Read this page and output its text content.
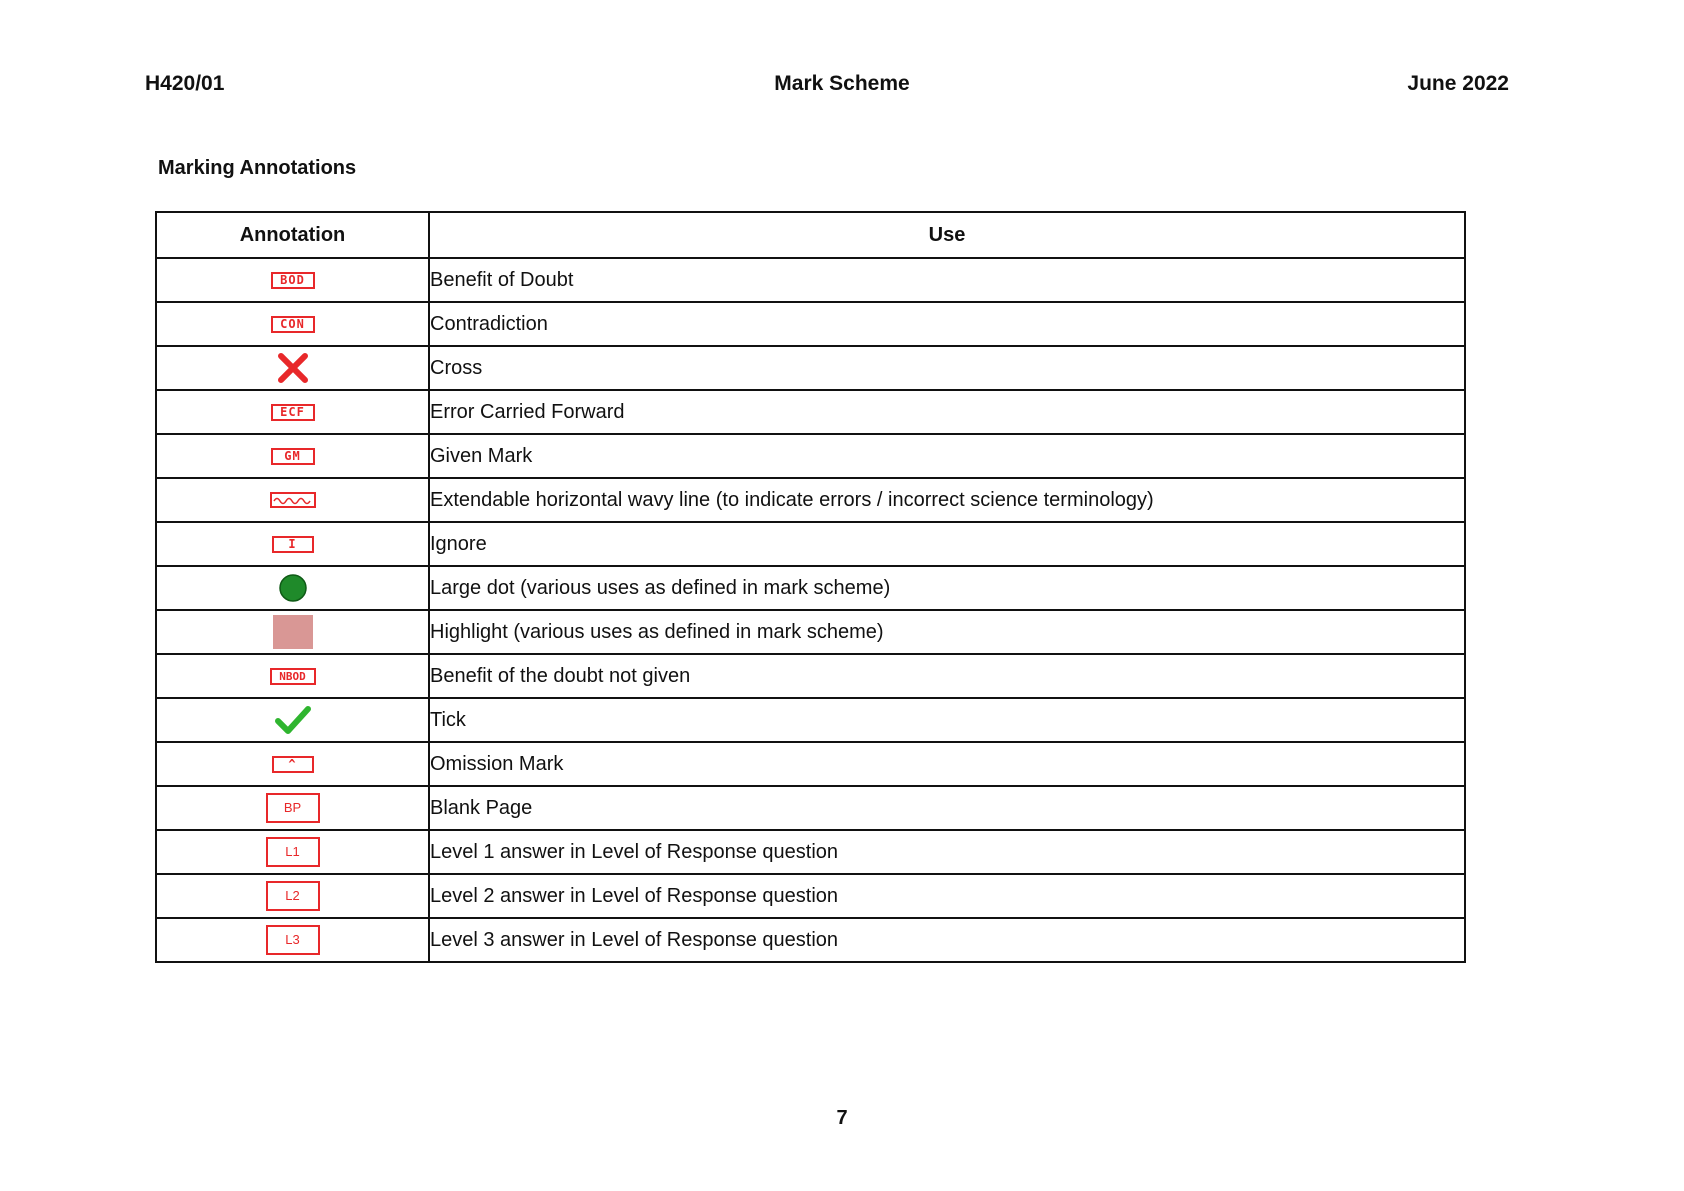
H420/01	Mark Scheme	June 2022
Marking Annotations
Annotation	Use
BOD	Benefit of Doubt
CON	Contradiction
	Cross
ECF	Error Carried Forward
GM	Given Mark
	Extendable horizontal wavy line (to indicate errors / incorrect science terminology)
I	Ignore
	Large dot (various uses as defined in mark scheme)
	Highlight (various uses as defined in mark scheme)
NBOD	Benefit of the doubt not given
	Tick
^	Omission Mark
BP	Blank Page
L1	Level 1 answer in Level of Response question
L2	Level 2 answer in Level of Response question
L3	Level 3 answer in Level of Response question
7
